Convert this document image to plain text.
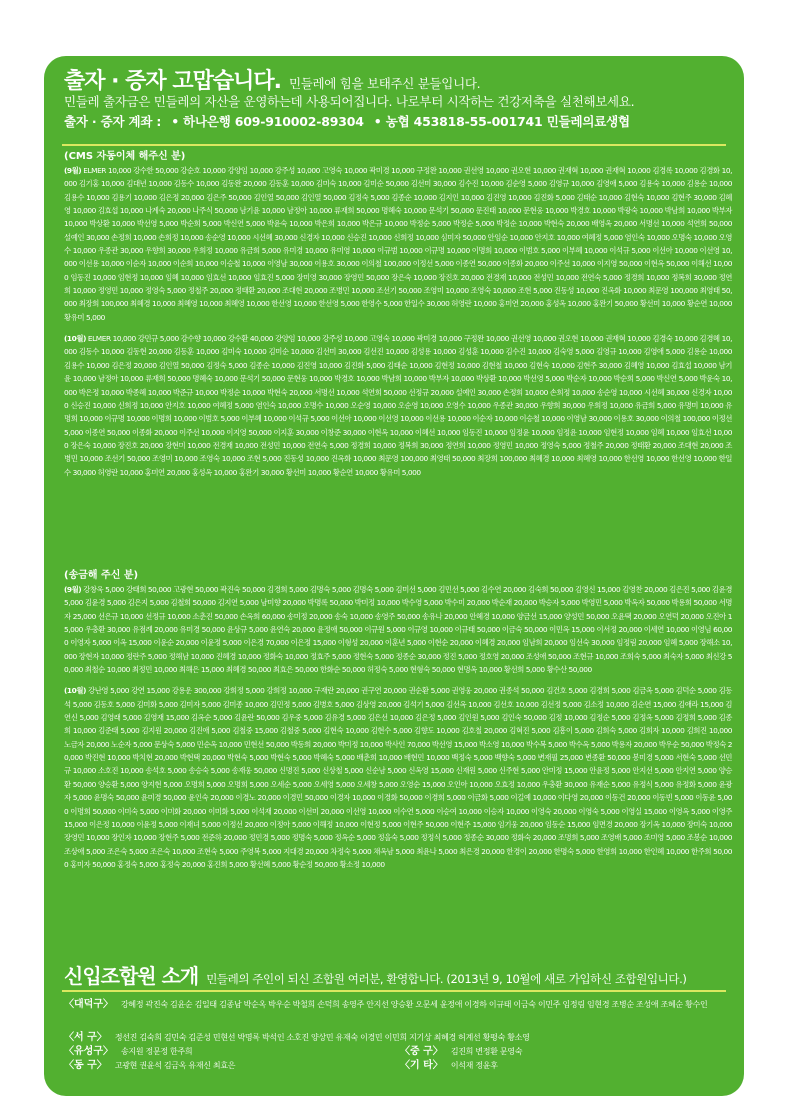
출자 · 증자 고맙습니다. 민들레에 힘을 보태주신 분들입니다.
민들레 출자금은 민들레의 자산을 운영하는데 사용되어집니다. 나로부터 시작하는 건강저축을 실천해보세요.
출자 · 증자 계좌 : • 하나은행 609-910002-89304 • 농협 453818-55-001741 민들레의료생협
(CMS 자동이체 해주신 분)

(9월) ELMER 10,000 강수한 50,000 강순호 10,000 강양임 10,000 강주성 10,000 고영숙 10,000 곽미경 10,000 구정완 10,000 권선영 10,000 권오현 10,000 권재혁 10,000 권재혁 10,000 김경록 10,000 김경화 10,000 김기홍 10,000 김대년 10,000 김동수 10,000 김동완 20,000 김동훈 10,000 김미숙 10,000 김미순 50,000 김선미 30,000 김수진 10,000 김순영 5,000 김영규 10,000 김영애 5,000 김용숙 10,000 김용순 10,000 김용수 10,000 김용기 10,000 김은정 20,000 김은주 50,000 김인열 50,000 김인열 50,000 김정숙 5,000 김종순 10,000 김지인 10,000 김진영 10,000 김진화 5,000 김태순 10,000 김현숙 10,000 김현주 30,000 김혜영 10,000 김효섭 10,000 나계숙 20,000 나주식 50,000 남기윤 10,000 남정아 10,000 류재희 50,000 명혜숙 10,000 문석기 50,000 문진태 10,000 문현웅 10,000 박경호 10,000 박광숙 10,000 박남희 10,000 박부자 10,000 박상환 10,000 박선영 5,000 박순희 5,000 박신연 5,000 박윤숙 10,000 박은희 10,000 박은규 10,000 박정순 5,000 박정순 5,000 박정순 10,000 박현숙 20,000 배영옥 20,000 서명선 10,000 석연희 50,000 설예인 30,000 손정희 10,000 손희정 10,000 송순영 10,000 시선혜 30,000 신경자 10,000 신승진 10,000 신희정 10,000 심미자 50,000 안임순 10,000 안지호 10,000 여혜정 5,000 염인숙 10,000 오명숙 10,000 오영수 10,000 우종관 30,000 우향희 30,000 우희정 10,000 유금희 5,000 유미경 10,000 유미영 10,000 이규범 10,000 이규명 10,000 이명희 10,000 이범호 5,000 이부혜 10,000 이석규 5,000 이선아 10,000 이선영 10,000 이선용 10,000 이순자 10,000 이순희 10,000 이승철 10,000 이영남 30,000 이용호 30,000 이의철 100,000 이정선 5,000 이종연 50,000 이종화 20,000 이주선 10,000 이지영 50,000 이현옥 50,000 이해선 10,000 임동진 10,000 임현정 10,000 임혜 10,000 임효선 10,000 임효진 5,000 장미영 30,000 장영민 50,000 장은숙 10,000 장진호 20,000 전경재 10,000 전성민 10,000 전연숙 5,000 정경희 10,000 정복희 30,000 정연희 10,000 정영민 10,000 정영숙 5,000 정철주 20,000 정태환 20,000 조대현 20,000 조병민 10,000 조선기 50,000 조영미 10,000 조영숙 10,000 조현 5,000 진동성 10,000 진옥화 10,000 최문영 100,000 최영태 50,000 최장희 100,000 최혜경 10,000 최혜영 10,000 최혜영 10,000 한선영 10,000 한선영 5,000 한영수 5,000 한일수 30,000 허영란 10,000 홍미연 20,000 홍성옥 10,000 홍완기 50,000 황선미 10,000 황순연 10,000 황유미 5,000

(10월) ELMER 10,000 강민규 5,000 강수향 10,000 강수환 40,000 강양임 10,000 강주성 10,000 고영숙 10,000 곽미경 10,000 구정완 10,000 권선영 10,000 권오현 10,000 권재혁 10,000 김경숙 10,000 김경혜 10,000 김동수 10,000 김동현 20,000 김동훈 10,000 김미숙 10,000 김미순 10,000 김선미 30,000 김선진 10,000 김성용 10,000 김성훈 10,000 김수진 10,000 김숙영 5,000 김영규 10,000 김영애 5,000 김용순 10,000 김용수 10,000 김은정 20,000 김인열 50,000 김정숙 5,000 김종순 10,000 김진영 10,000 김진화 5,000 김태순 10,000 김현정 10,000 김현철 10,000 김현숙 10,000 김현주 30,000 김혜영 10,000 김효섭 10,000 남기윤 10,000 남정아 10,000 류재희 50,000 명혜숙 10,000 문석기 50,000 문현웅 10,000 박경호 10,000 박남희 10,000 박부자 10,000 박상환 10,000 박선영 5,000 박순자 10,000 박순희 5,000 박신연 5,000 박윤숙 10,000 박은정 10,000 박종혜 10,000 박준규 10,000 박정순 10,000 박현숙 20,000 서명선 10,000 석연희 50,000 선정규 20,000 설예인 30,000 손정희 10,000 손희정 10,000 송순영 10,000 시선혜 30,000 신경자 10,000 신승진 10,000 신희정 10,000 안지호 10,000 여혜정 5,000 염인숙 10,000 오명수 10,000 오순영 10,000 오순영 10,000 오영수 10,000 우종관 30,000 우향희 30,000 우희정 10,000 유금희 5,000 유명미 10,000 유명희 10,000 이규명 10,000 이명희 10,000 이범호 5,000 이부혜 10,000 이석규 5,000 이선아 10,000 이선영 10,000 이선용 10,000 이순자 10,000 이승철 10,000 이영남 30,000 이용호 30,000 이의철 100,000 이정선 5,000 이종연 50,000 이종화 20,000 이주선 10,000 이지영 50,000 이지훈 30,000 이창준 30,000 이현옥 10,000 이혜선 10,000 임동진 10,000 임정윤 10,000 임정윤 10,000 임현정 10,000 임혜 10,000 임효선 10,000 장은숙 10,000 장진호 20,000 장현미 10,000 전경재 10,000 전성민 10,000 전연숙 5,000 정경희 10,000 정복희 30,000 정연희 10,000 정영민 10,000 정영숙 5,000 정철주 20,000 정태환 20,000 조대현 20,000 조병민 10,000 조선기 50,000 조영미 10,000 조영숙 10,000 조현 5,000 진동성 10,000 진옥화 10,000 최문영 100,000 최영태 50,000 최장희 100,000 최혜경 10,000 최혜영 10,000 한선영 10,000 한선영 10,000 한일수 30,000 허영란 10,000 홍미연 20,000 홍성옥 10,000 홍완기 30,000 황선미 10,000 황순연 10,000 황유미 5,000

(송금해 주신 분)

(9월) 강창욱 5,000 강태희 50,000 고광현 50,000 곽진숙 50,000 김경희 5,000 김명숙 5,000 김명숙 5,000 김미선 5,000 김민선 5,000 김수연 20,000 김숙희 50,000 김영신 15,000 김영찬 20,000 김은진 5,000 김윤경 5,000 김윤경 5,000 김은지 5,000 김철희 50,000 김지연 5,000 남미향 20,000 박명록 50,000 박미정 10,000 박수영 5,000 박수미 20,000 박순재 20,000 박승자 5,000 박영민 5,000 박옥자 50,000 박용희 50,000 서명자 25,000 선은규 10,000 선정규 10,000 소춘진 50,000 손옥희 60,000 송미정 20,000 송숙 10,000 송영주 50,000 송유나 20,000 안혜경 10,000 양금선 15,000 양성민 50,000 오윤택 20,000 오연덕 20,000 오진아 15,000 우충환 30,000 유점례 20,000 유미경 50,000 윤상규 5,000 윤연숙 20,000 윤정애 50,000 이규원 5,000 이규영 10,000 이규태 50,000 이금숙 50,000 이민옥 15,000 이서정 20,000 이세연 10,000 이영님 60,000 이영자 5,000 이옥 15,000 이윤순 20,000 이윤정 5,000 이은경 70,000 이은정 15,000 이형성 20,000 이훈년 5,000 이현순 20,000 이혜경 20,000 임남희 20,000 임선숙 30,000 임정림 20,000 임혜 5,000 장해소 10,000 장현자 10,000 정란주 5,000 정해남 10,000 진혜경 10,000 정화숙 10,000 정효주 5,000 정현숙 5,000 정종순 30,000 정진 5,000 정호영 20,000 조성애 50,000 조현규 10,000 조희숙 5,000 최숙자 5,000 최신강 50,000 최철순 10,000 최정민 10,000 최해은 15,000 최혜경 50,000 최효은 50,000 한화순 50,000 허정숙 5,000 현형숙 50,000 현명옥 10,000 황선희 5,000 황수산 50,000

(10월) 강난영 5,000 강연 15,000 강용운 300,000 강희정 5,000 강희정 10,000 구재란 20,000 권구연 20,000 권순환 5,000 권영웅 20,000 권종석 50,000 김건호 5,000 김경희 5,000 김금옥 5,000 김덕순 5,000 김동석 5,000 김동호 5,000 김미화 5,000 김미자 5,000 김미종 10,000 김민정 5,000 김병호 5,000 김상영 20,000 김석기 5,000 김선옥 10,000 김선호 10,000 김선정 5,000 김소정 10,000 김순연 15,000 김애라 15,000 김연신 5,000 김영래 5,000 김영재 15,000 김옥순 5,000 김윤란 50,000 김우중 5,000 김유경 5,000 김은선 10,000 김은정 5,000 김인원 5,000 김인숙 50,000 김정 10,000 김정순 5,000 김정옥 5,000 김정희 5,000 김종희 10,000 김준태 5,000 김지원 20,000 김진애 5,000 김철중 15,000 김철중 5,000 김현숙 10,000 김현수 5,000 김향도 10,000 김호철 20,000 김혁진 5,000 김흥이 5,000 김희숙 5,000 김희자 10,000 김희진 10,000 노금자 20,000 노순자 5,000 문상숙 5,000 민순옥 10,000 민현선 50,000 박동희 20,000 박미정 10,000 박사인 70,000 박선영 15,000 박소영 10,000 박수복 5,000 박수옥 5,000 박용자 20,000 박우순 50,000 박정숙 20,000 박진현 10,000 박치현 20,000 박현택 20,000 박현숙 5,000 박현숙 5,000 박혜숙 5,000 배춘희 10,000 배현민 10,000 백정숙 5,000 백향숙 5,000 변재필 25,000 변종환 50,000 봉미경 5,000 서현숙 5,000 선민규 10,000 소호진 10,000 송석호 5,000 송승숙 5,000 송재웅 50,000 신명진 5,000 신상철 5,000 신순남 5,000 신옥영 15,000 신재원 5,000 신주현 5,000 안미정 15,000 안윤정 5,000 안지선 5,000 안지연 5,000 양승환 50,000 양승환 5,000 양지현 5,000 오명희 5,000 오명희 5,000 오세순 5,000 오세영 5,000 오세창 5,000 오영순 15,000 오인아 10,000 오효정 10,000 우충환 30,000 유재순 5,000 유정식 5,000 유정화 5,000 윤광자 5,000 윤명숙 50,000 윤미경 50,000 윤인숙 20,000 이경노 20,000 이경민 50,000 이경자 10,000 이경화 50,000 이경희 5,000 이금화 5,000 이길예 10,000 이다영 20,000 이동건 20,000 이동빈 5,000 이동윤 5,000 이명희 50,000 이미숙 5,000 이미화 20,000 이미화 5,000 이석재 20,000 이선미 20,000 이선영 10,000 이수연 5,000 이승여 10,000 이승자 10,000 이영숙 20,000 이영숙 5,000 이영실 15,000 이영옥 5,000 이영주 15,000 이은정 10,000 이윤정 5,000 이재녀 5,000 이정선 20,000 이정아 5,000 이해정 10,000 이현정 5,000 이현주 50,000 이현주 15,000 임기웅 20,000 임동순 15,000 임면경 20,000 장기옥 10,000 장미숙 10,000 장영민 10,000 장인자 10,000 장현주 5,000 전준하 20,000 정민경 5,000 정명숙 5,000 정옥순 5,000 정을숙 5,000 정정식 5,000 정종순 30,000 정화숙 20,000 조명희 5,000 조영배 5,000 조미영 5,000 조봉순 10,000 조상애 5,000 조은숙 5,000 조은숙 10,000 조현숙 5,000 주영복 5,000 지대경 20,000 차정숙 5,000 채옥남 5,000 최윤나 5,000 최은경 20,000 한경이 20,000 한명숙 5,000 한영희 10,000 한인혜 10,000 한주희 50,000 홍미자 50,000 홍정숙 5,000 홍정숙 20,000 홍진희 5,000 황선혜 5,000 황순정 50,000 황소정 10,000

신입조합원 소개 민들레의 주인이 되신 조합원 여러분, 환영합니다. (2013년 9, 10월에 새로 가입하신 조합원입니다.)
〈대덕구〉 강혜정 곽진숙 김윤순 김일태 김종남 박순옥 박우순 박철희 손덕희 송영주 안지선 양승환 오문세 윤정애 이경하 이규태 이금숙 이민주 임정림 임현경 조병순 조성애 조혜순 황수인
〈서 구〉 정선진 김숙희 김민숙 김준성 민현선 박명록 박석인 소호진 양상민 유재숙 이경민 이민희 지기상 최혜경 허계선 황평숙 황소영
〈유성구〉 송지원 정문정 한주희
〈동 구〉 고광현 권윤석 김금옥 유재신 최효은
〈중 구〉 김진희 변정환 문영숙
〈기 타〉 이석재 정윤후
